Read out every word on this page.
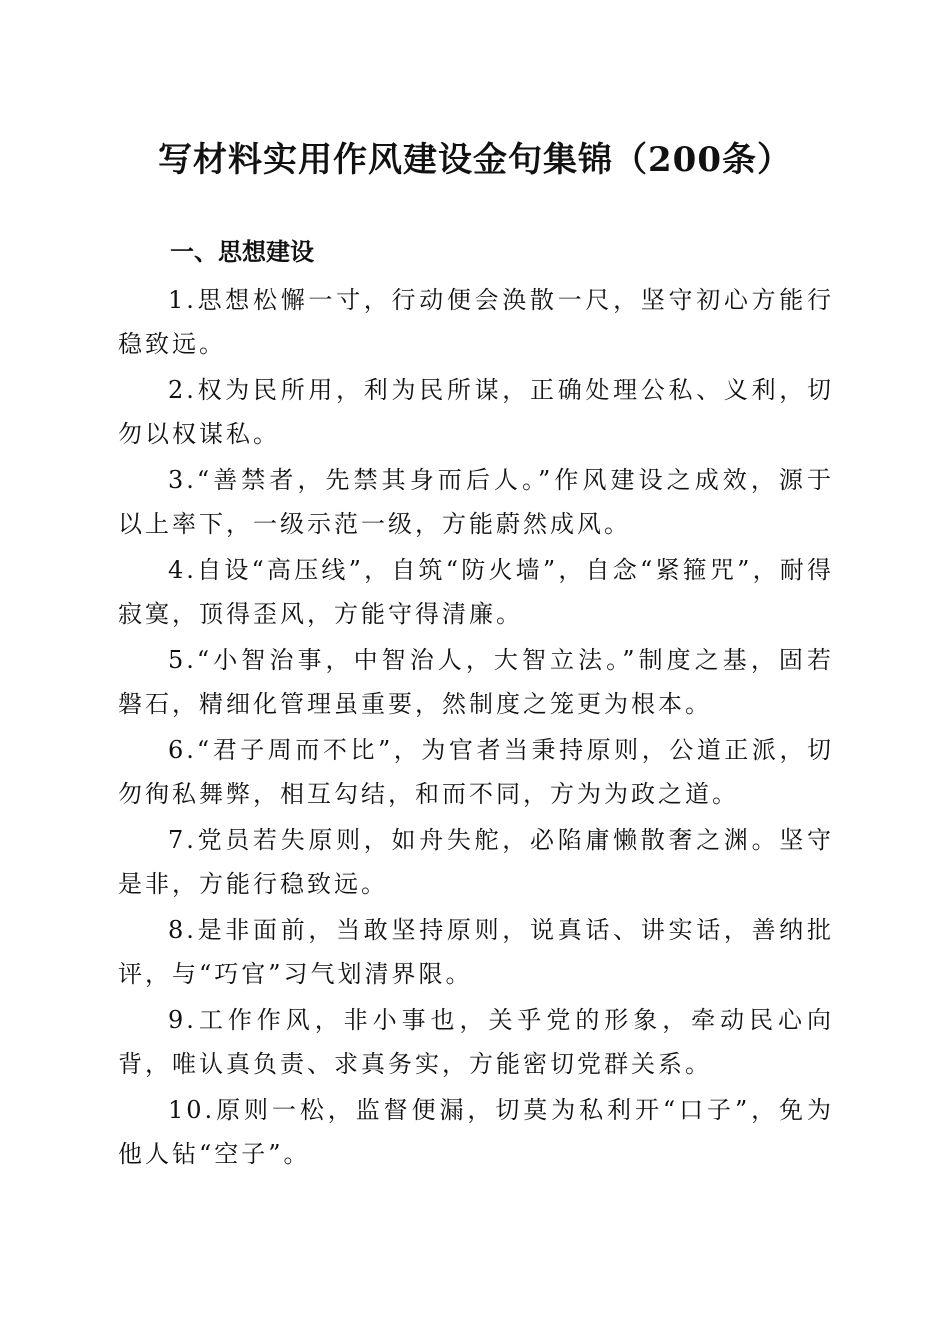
写材料实用作风建设金句集锦（200条）
一、思想建设
1.思想松懈一寸，行动便会涣散一尺，坚守初心方能行稳致远。
2.权为民所用，利为民所谋，正确处理公私、义利，切勿以权谋私。
3.“善禁者，先禁其身而后人。”作风建设之成效，源于以上率下，一级示范一级，方能蔚然成风。
4.自设“高压线”，自筑“防火墙”，自念“紧箍咒”，耐得寂寞，顶得歪风，方能守得清廉。
5.“小智治事，中智治人，大智立法。”制度之基，固若磐石，精细化管理虽重要，然制度之笼更为根本。
6.“君子周而不比”，为官者当秉持原则，公道正派，切勿徇私舞弊，相互勾结，和而不同，方为为政之道。
7.党员若失原则，如舟失舵，必陷庸懒散奢之渊。坚守是非，方能行稳致远。
8.是非面前，当敢坚持原则，说真话、讲实话，善纳批评，与“巧官”习气划清界限。
9.工作作风，非小事也，关乎党的形象，牵动民心向背，唯认真负责、求真务实，方能密切党群关系。
10.原则一松，监督便漏，切莫为私利开“口子”，免为他人钻“空子”。
